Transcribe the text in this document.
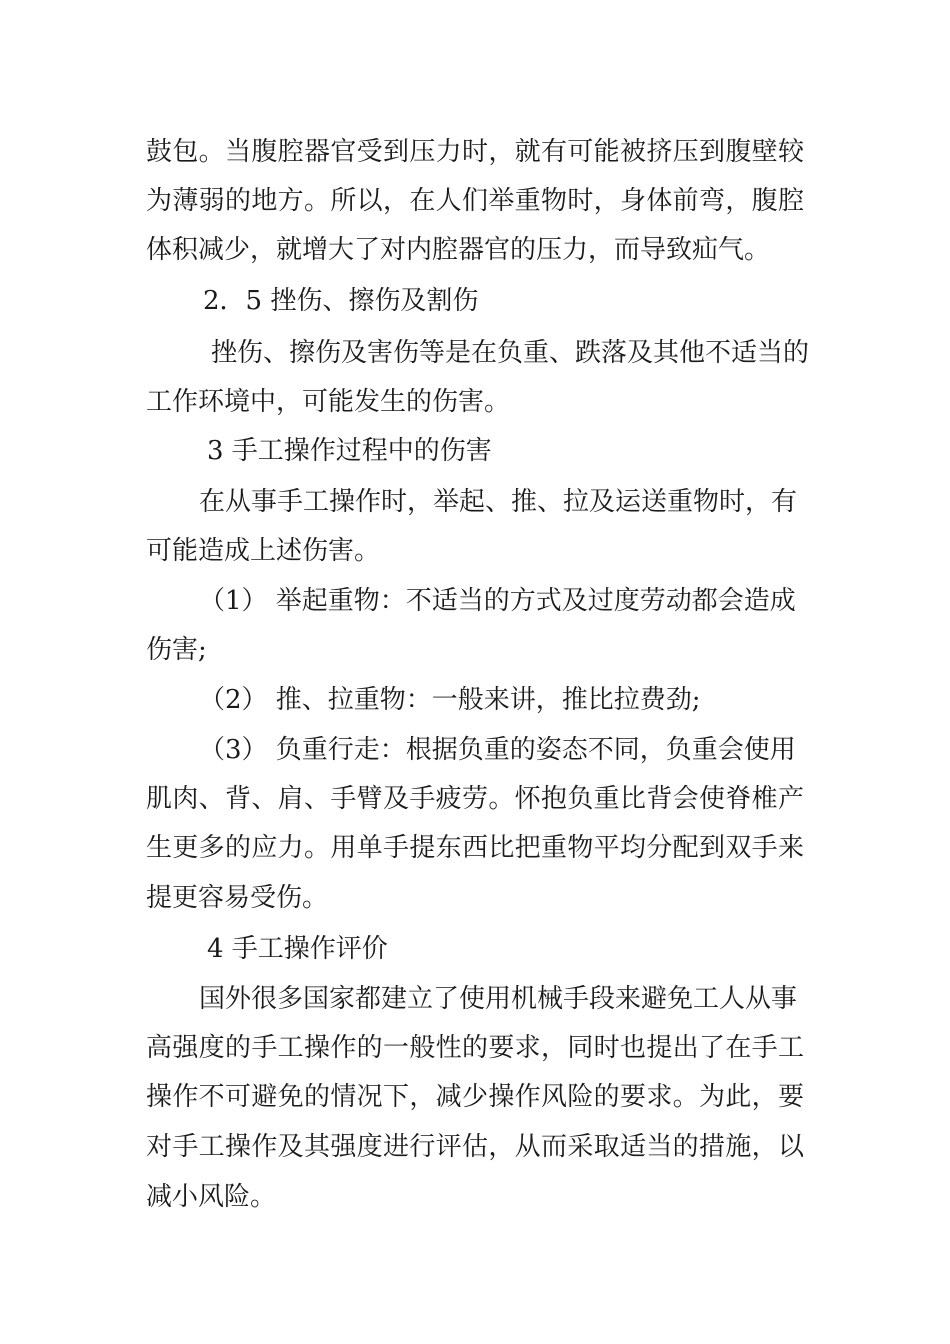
鼓包。当腹腔器官受到压力时，就有可能被挤压到腹壁较
为薄弱的地方。所以，在人们举重物时，身体前弯，腹腔
体积减少，就增大了对内腔器官的压力，而导致疝气。
2．5 挫伤、擦伤及割伤
挫伤、擦伤及害伤等是在负重、跌落及其他不适当的
工作环境中，可能发生的伤害。
3 手工操作过程中的伤害
在从事手工操作时，举起、推、拉及运送重物时，有
可能造成上述伤害。
（1） 举起重物：不适当的方式及过度劳动都会造成
伤害;
（2） 推、拉重物：一般来讲，推比拉费劲;
（3） 负重行走：根据负重的姿态不同，负重会使用
肌肉、背、肩、手臂及手疲劳。怀抱负重比背会使脊椎产
生更多的应力。用单手提东西比把重物平均分配到双手来
提更容易受伤。
4 手工操作评价
国外很多国家都建立了使用机械手段来避免工人从事
高强度的手工操作的一般性的要求，同时也提出了在手工
操作不可避免的情况下，减少操作风险的要求。为此，要
对手工操作及其强度进行评估，从而采取适当的措施，以
减小风险。
